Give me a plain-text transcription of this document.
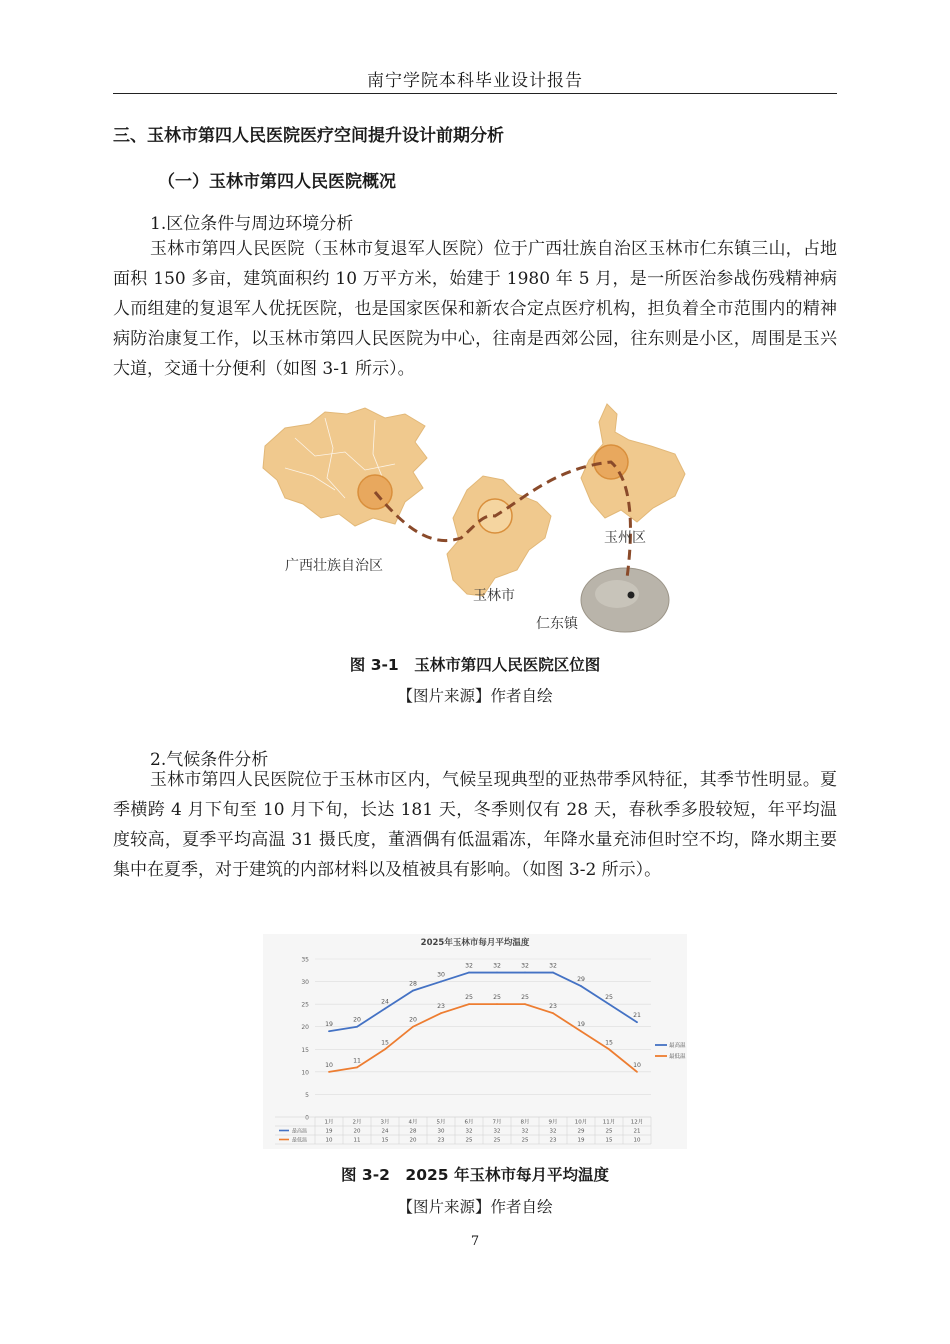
南宁学院本科毕业设计报告
三、玉林市第四人民医院医疗空间提升设计前期分析
（一）玉林市第四人民医院概况
1.区位条件与周边环境分析

玉林市第四人民医院（玉林市复退军人医院）位于广西壮族自治区玉林市仁东镇三山，占地面积 150 多亩，建筑面积约 10 万平方米，始建于 1980 年 5 月，是一所医治参战伤残精神病人而组建的复退军人优抚医院，也是国家医保和新农合定点医疗机构，担负着全市范围内的精神病防治康复工作，以玉林市第四人民医院为中心，往南是西郊公园，往东则是小区，周围是玉兴大道，交通十分便利（如图 3-1 所示）。

广西壮族自治区
玉林市
玉州区
仁东镇
图 3-1　玉林市第四人民医院区位图
【图片来源】作者自绘
2.气候条件分析

玉林市第四人民医院位于玉林市区内，气候呈现典型的亚热带季风特征，其季节性明显。夏季横跨 4 月下旬至 10 月下旬，长达 181 天，冬季则仅有 28 天，春秋季多股较短，年平均温度较高，夏季平均高温 31 摄氏度，董酒偶有低温霜冻，年降水量充沛但时空不均，降水期主要集中在夏季，对于建筑的内部材料以及植被具有影响。（如图 3-2 所示）。

2025年玉林市每月平均温度
0
5
10
15
20
25
30
35
19
20
24
28
30
32	32	32	32
29
25
21
10
11
15
20
23
25	25	25
23
19
15
10
1月	2月	3月	4月	5月	6月	7月	8月	9月	10月	11月	12月
最高温	19	20	24	28	30	32	32	32	32	29	25	21
最低温	10	11	15	20	23	25	25	25	23	19	15	10
最高温
最低温
图 3-2　2025 年玉林市每月平均温度
【图片来源】作者自绘
7
